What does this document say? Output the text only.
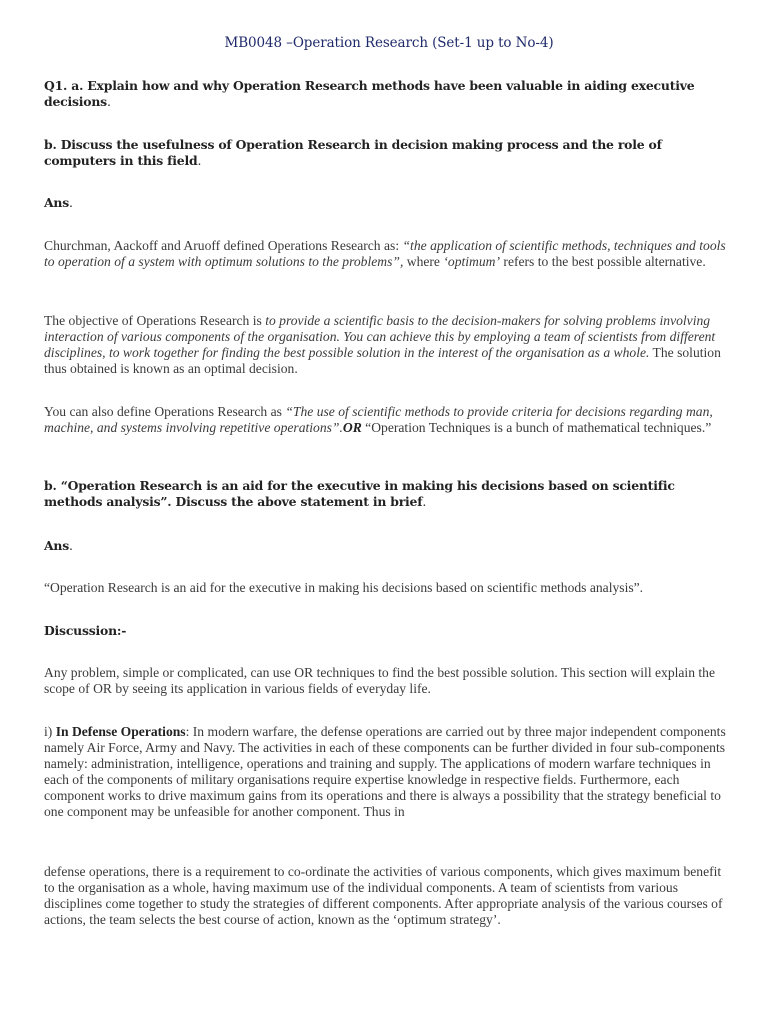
MB0048 –Operation Research (Set-1 up to No-4)

Q1. a. Explain how and why Operation Research methods have been valuable in aiding executive decisions.

b. Discuss the usefulness of Operation Research in decision making process and the role of computers in this field.

Ans.

Churchman, Aackoff and Aruoff defined Operations Research as: “the application of scientific methods, techniques and tools to operation of a system with optimum solutions to the problems”, where ‘optimum’ refers to the best possible alternative.

The objective of Operations Research is to provide a scientific basis to the decision-makers for solving problems involving interaction of various components of the organisation. You can achieve this by employing a team of scientists from different disciplines, to work together for finding the best possible solution in the interest of the organisation as a whole. The solution thus obtained is known as an optimal decision.

You can also define Operations Research as “The use of scientific methods to provide criteria for decisions regarding man, machine, and systems involving repetitive operations”.OR “Operation Techniques is a bunch of mathematical techniques.”

b. “Operation Research is an aid for the executive in making his decisions based on scientific methods analysis”. Discuss the above statement in brief.

Ans.

“Operation Research is an aid for the executive in making his decisions based on scientific methods analysis”.

Discussion:-

Any problem, simple or complicated, can use OR techniques to find the best possible solution. This section will explain the scope of OR by seeing its application in various fields of everyday life.

i) In Defense Operations: In modern warfare, the defense operations are carried out by three major independent components namely Air Force, Army and Navy. The activities in each of these components can be further divided in four sub-components namely: administration, intelligence, operations and training and supply. The applications of modern warfare techniques in each of the components of military organisations require expertise knowledge in respective fields. Furthermore, each component works to drive maximum gains from its operations and there is always a possibility that the strategy beneficial to one component may be unfeasible for another component. Thus in

defense operations, there is a requirement to co-ordinate the activities of various components, which gives maximum benefit to the organisation as a whole, having maximum use of the individual components. A team of scientists from various disciplines come together to study the strategies of different components. After appropriate analysis of the various courses of actions, the team selects the best course of action, known as the ‘optimum strategy’.
